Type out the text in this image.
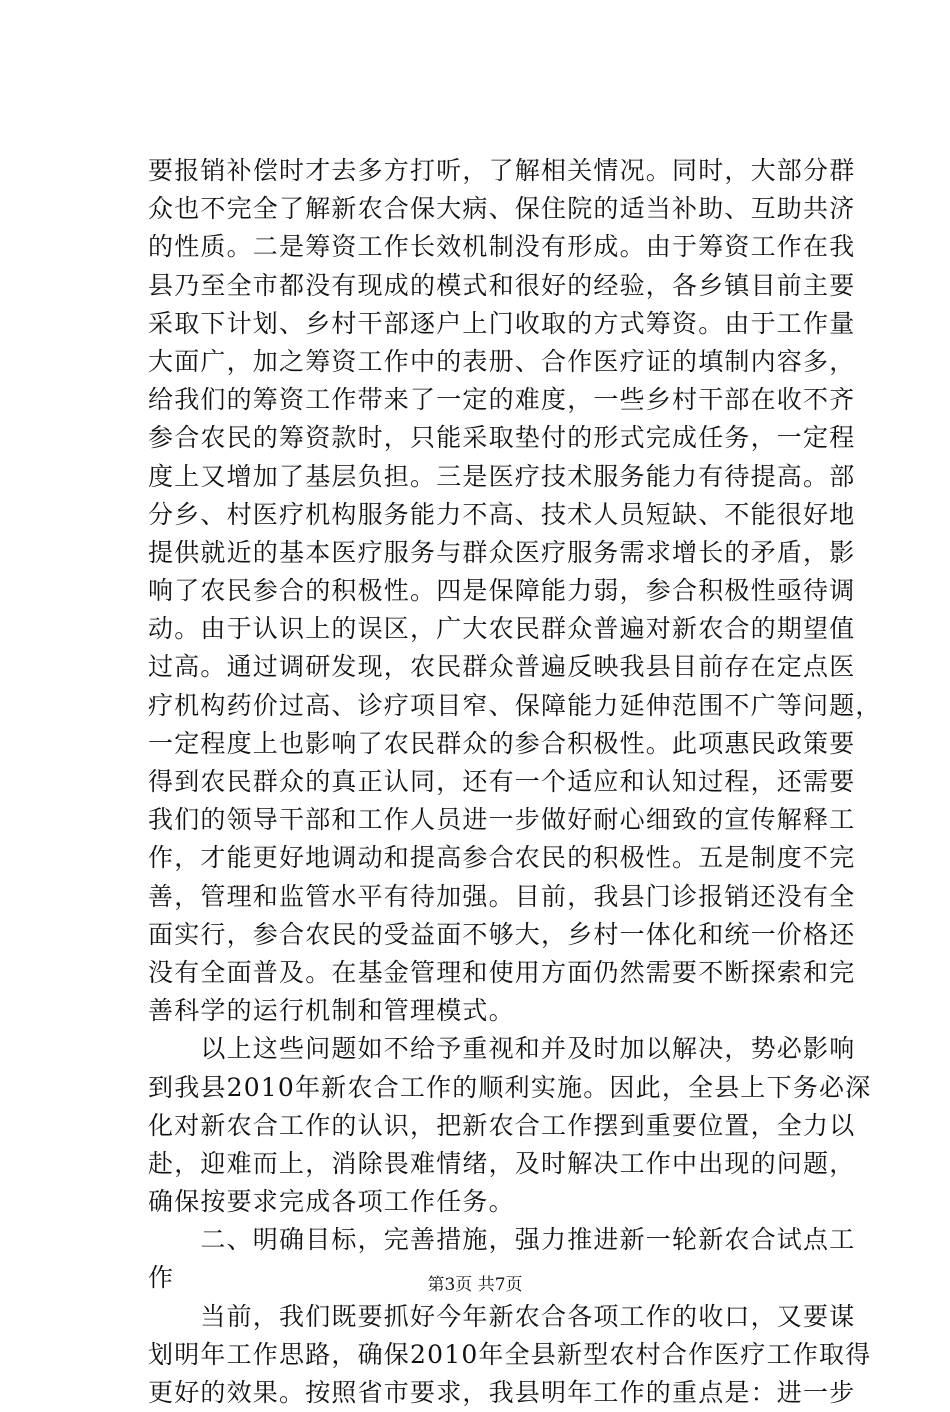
要报销补偿时才去多方打听，了解相关情况。同时，大部分群
众也不完全了解新农合保大病、保住院的适当补助、互助共济
的性质。二是筹资工作长效机制没有形成。由于筹资工作在我
县乃至全市都没有现成的模式和很好的经验，各乡镇目前主要
采取下计划、乡村干部逐户上门收取的方式筹资。由于工作量
大面广，加之筹资工作中的表册、合作医疗证的填制内容多，
给我们的筹资工作带来了一定的难度，一些乡村干部在收不齐
参合农民的筹资款时，只能采取垫付的形式完成任务，一定程
度上又增加了基层负担。三是医疗技术服务能力有待提高。部
分乡、村医疗机构服务能力不高、技术人员短缺、不能很好地
提供就近的基本医疗服务与群众医疗服务需求增长的矛盾，影
响了农民参合的积极性。四是保障能力弱，参合积极性亟待调
动。由于认识上的误区，广大农民群众普遍对新农合的期望值
过高。通过调研发现，农民群众普遍反映我县目前存在定点医
疗机构药价过高、诊疗项目窄、保障能力延伸范围不广等问题，
一定程度上也影响了农民群众的参合积极性。此项惠民政策要
得到农民群众的真正认同，还有一个适应和认知过程，还需要
我们的领导干部和工作人员进一步做好耐心细致的宣传解释工
作，才能更好地调动和提高参合农民的积极性。五是制度不完
善，管理和监管水平有待加强。目前，我县门诊报销还没有全
面实行，参合农民的受益面不够大，乡村一体化和统一价格还
没有全面普及。在基金管理和使用方面仍然需要不断探索和完
善科学的运行机制和管理模式。
　　以上这些问题如不给予重视和并及时加以解决，势必影响
到我县2010年新农合工作的顺利实施。因此，全县上下务必深
化对新农合工作的认识，把新农合工作摆到重要位置，全力以
赴，迎难而上，消除畏难情绪，及时解决工作中出现的问题，
确保按要求完成各项工作任务。
　　二、明确目标，完善措施，强力推进新一轮新农合试点工
作
　　当前，我们既要抓好今年新农合各项工作的收口，又要谋
划明年工作思路，确保2010年全县新型农村合作医疗工作取得
更好的效果。按照省市要求，我县明年工作的重点是：进一步
第3页 共7页
